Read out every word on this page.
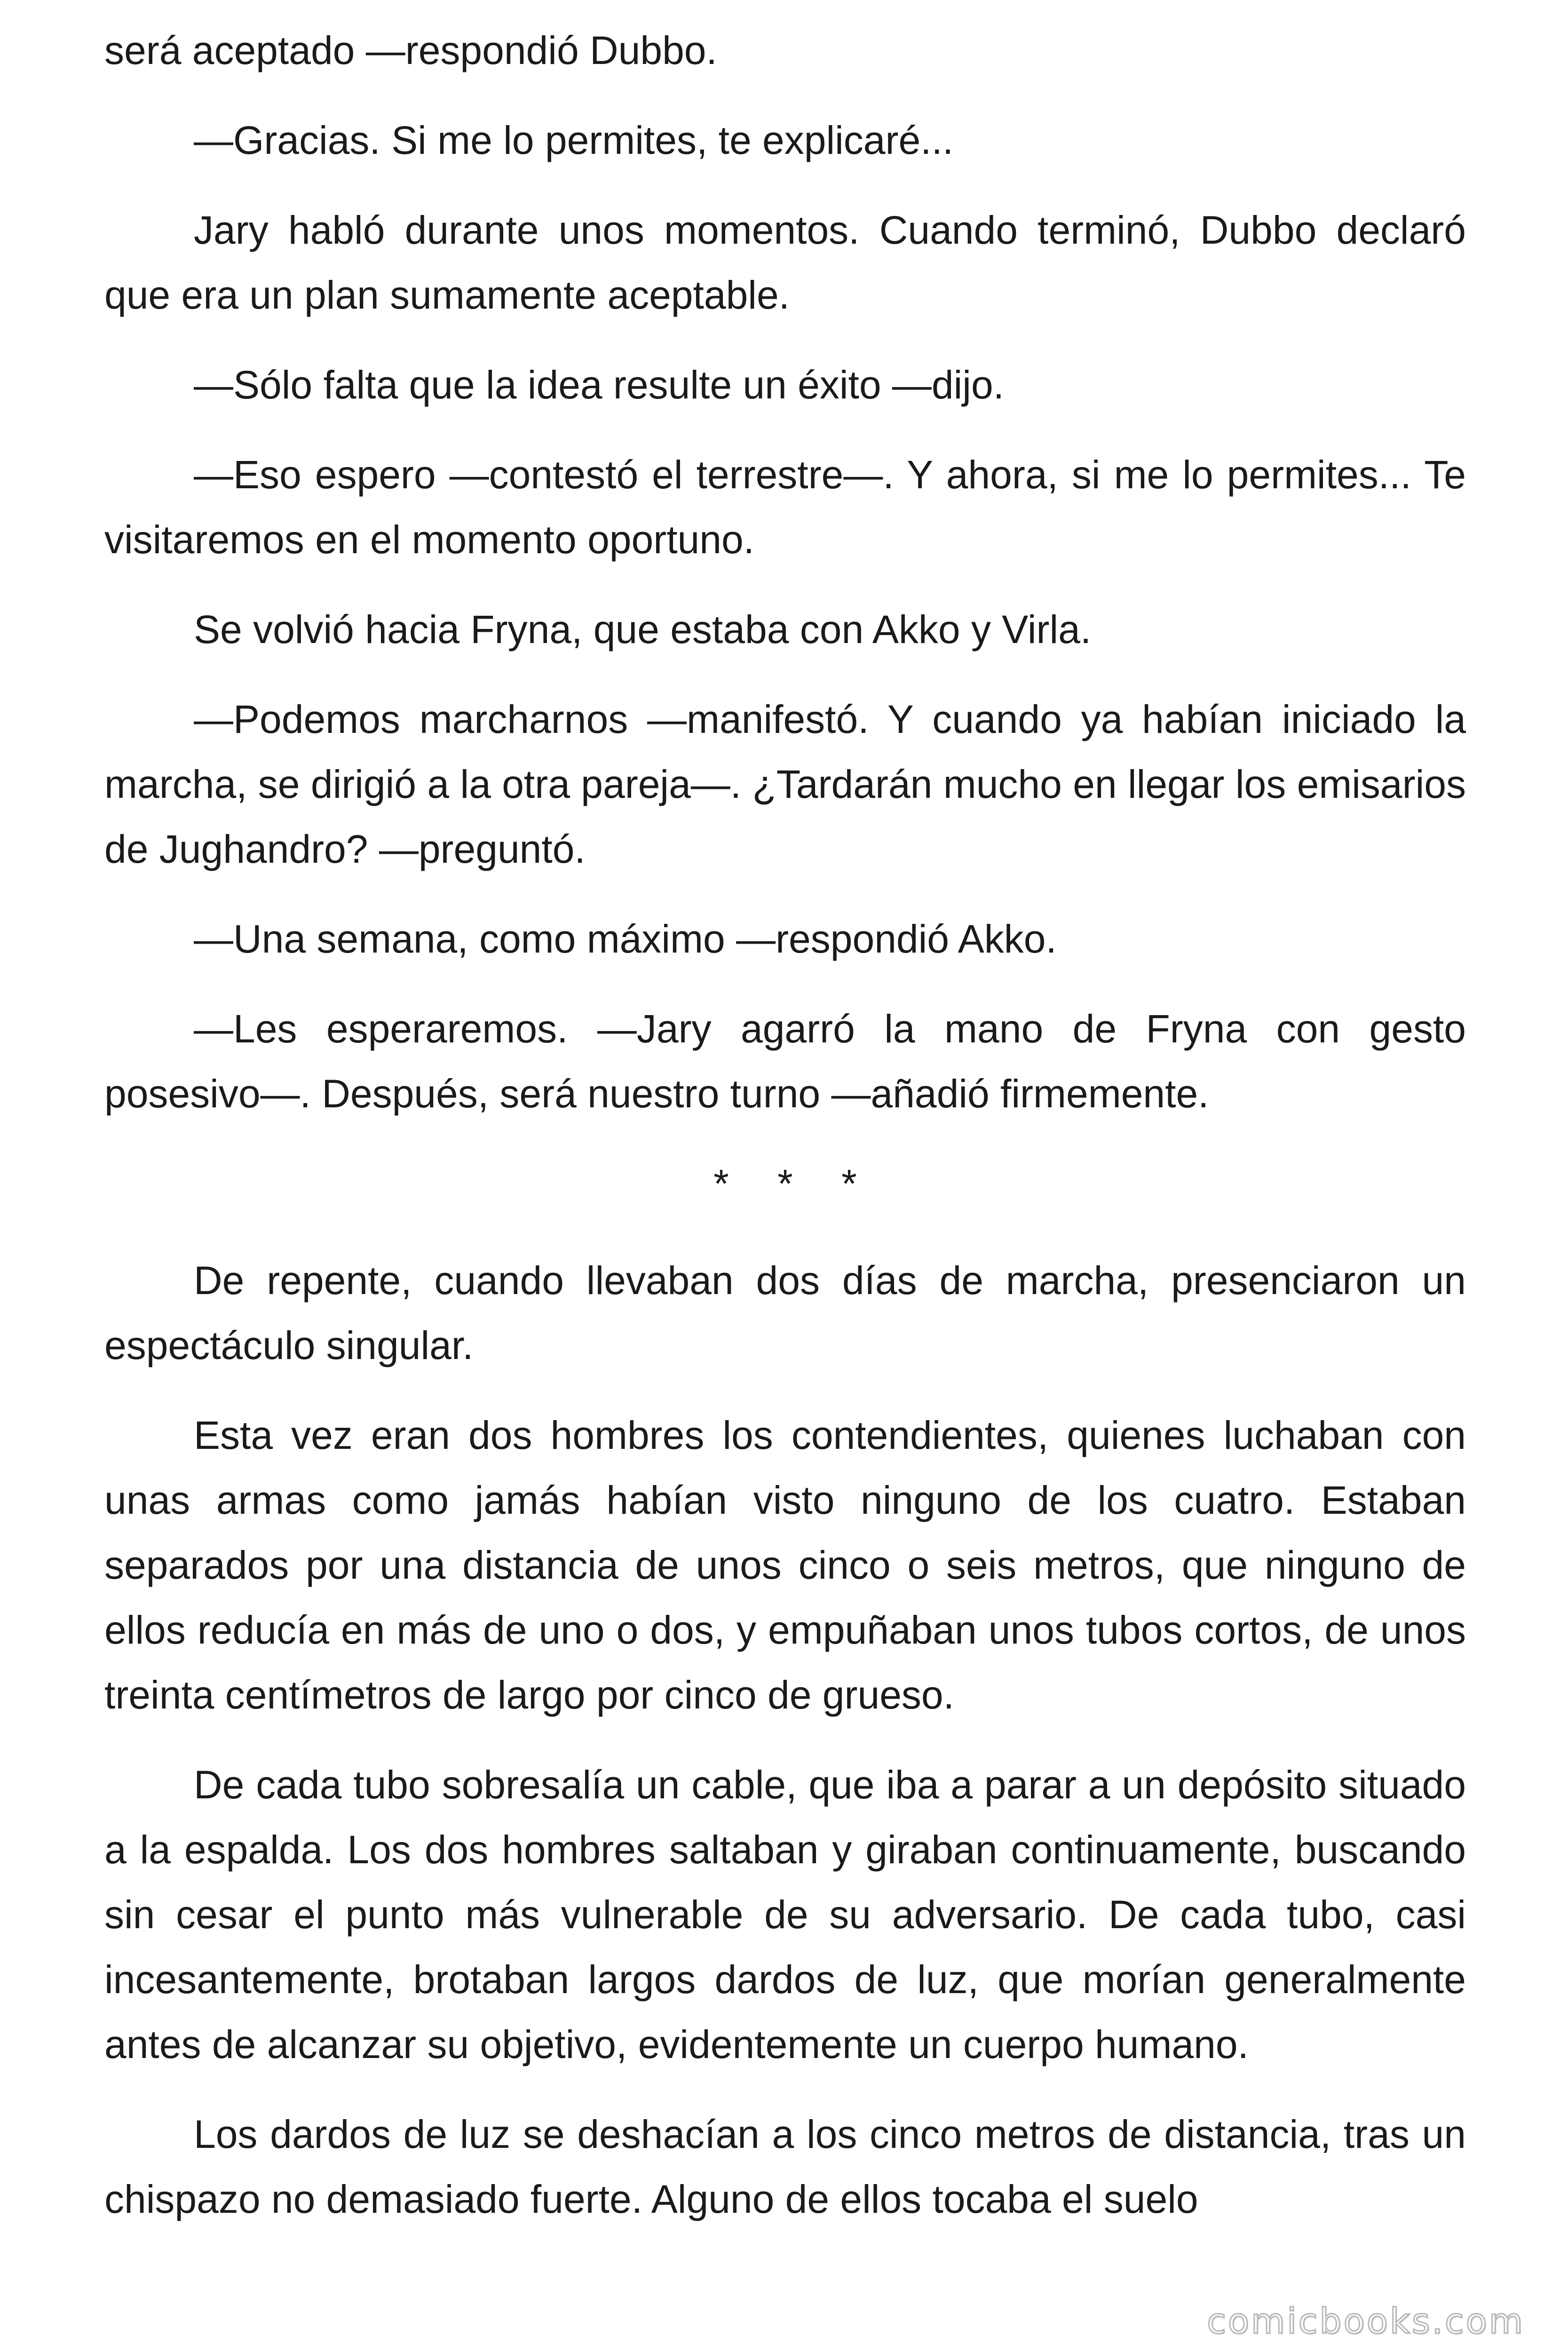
será aceptado —respondió Dubbo.

—Gracias. Si me lo permites, te explicaré...

Jary habló durante unos momentos. Cuando terminó, Dubbo declaró que era un plan sumamente aceptable.

—Sólo falta que la idea resulte un éxito —dijo.

—Eso espero —contestó el terrestre—. Y ahora, si me lo permites... Te visitaremos en el momento oportuno.

Se volvió hacia Fryna, que estaba con Akko y Virla.

—Podemos marcharnos —manifestó. Y cuando ya habían iniciado la marcha, se dirigió a la otra pareja—. ¿Tardarán mucho en llegar los emisarios de Jughandro? —preguntó.

—Una semana, como máximo —respondió Akko.

—Les esperaremos. —Jary agarró la mano de Fryna con gesto posesivo—. Después, será nuestro turno —añadió firmemente.

* * *

De repente, cuando llevaban dos días de marcha, presenciaron un espectáculo singular.

Esta vez eran dos hombres los contendientes, quienes luchaban con unas armas como jamás habían visto ninguno de los cuatro. Estaban separados por una distancia de unos cinco o seis metros, que ninguno de ellos reducía en más de uno o dos, y empuñaban unos tubos cortos, de unos treinta centímetros de largo por cinco de grueso.

De cada tubo sobresalía un cable, que iba a parar a un depósito situado a la espalda. Los dos hombres saltaban y giraban continuamente, buscando sin cesar el punto más vulnerable de su adversario. De cada tubo, casi incesantemente, brotaban largos dardos de luz, que morían generalmente antes de alcanzar su objetivo, evidentemente un cuerpo humano.

Los dardos de luz se deshacían a los cinco metros de distancia, tras un chispazo no demasiado fuerte. Alguno de ellos tocaba el suelo

comicbooks.com
